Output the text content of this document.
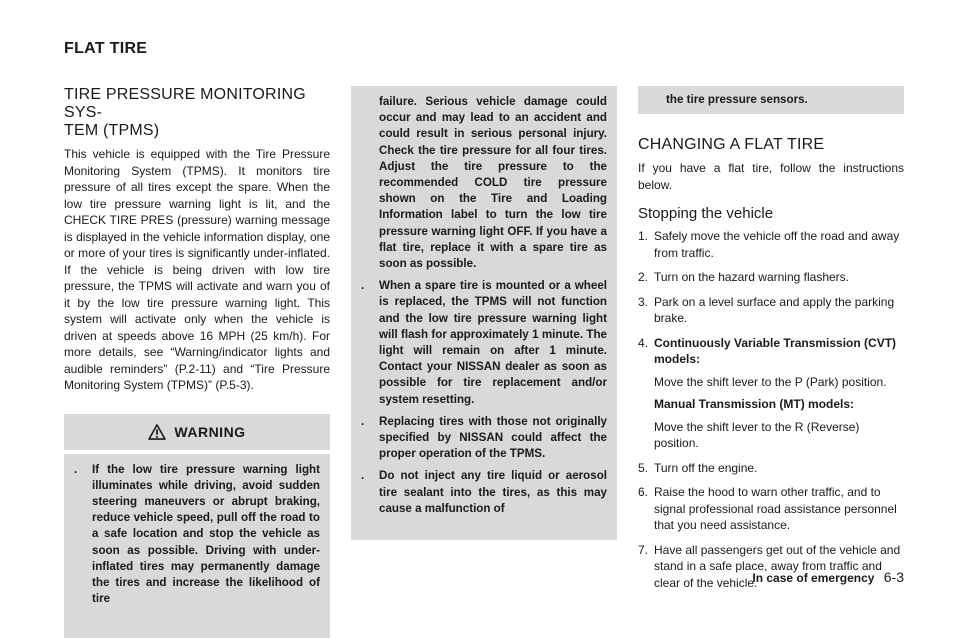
FLAT TIRE
TIRE PRESSURE MONITORING SYS-
TEM (TPMS)

This vehicle is equipped with the Tire Pressure Monitoring System (TPMS). It monitors tire pressure of all tires except the spare. When the low tire pressure warning light is lit, and the CHECK TIRE PRES (pressure) warning message is displayed in the vehicle information display, one or more of your tires is significantly under-inflated. If the vehicle is being driven with low tire pressure, the TPMS will activate and warn you of it by the low tire pressure warning light. This system will activate only when the vehicle is driven at speeds above 16 MPH (25 km/h). For more details, see “Warning/indicator lights and audible reminders” (P.2-11) and “Tire Pressure Monitoring System (TPMS)” (P.5-3).

WARNING
.	If the low tire pressure warning light illuminates while driving, avoid sudden steering maneuvers or abrupt braking, reduce vehicle speed, pull off the road to a safe location and stop the vehicle as soon as possible. Driving with under-inflated tires may permanently damage the tires and increase the likelihood of tire
failure. Serious vehicle damage could occur and may lead to an accident and could result in serious personal injury. Check the tire pressure for all four tires. Adjust the tire pressure to the recommended COLD tire pressure shown on the Tire and Loading Information label to turn the low tire pressure warning light OFF. If you have a flat tire, replace it with a spare tire as soon as possible.
.	When a spare tire is mounted or a wheel is replaced, the TPMS will not function and the low tire pressure warning light will flash for approximately 1 minute. The light will remain on after 1 minute. Contact your NISSAN dealer as soon as possible for tire replacement and/or system resetting.
.	Replacing tires with those not originally specified by NISSAN could affect the proper operation of the TPMS.
.	Do not inject any tire liquid or aerosol tire sealant into the tires, as this may cause a malfunction of
the tire pressure sensors.
CHANGING A FLAT TIRE

If you have a flat tire, follow the instructions below.

Stopping the vehicle
1. Safely move the vehicle off the road and away from traffic.
2. Turn on the hazard warning flashers.
3. Park on a level surface and apply the parking brake.
4. Continuously Variable Transmission (CVT) models:
Move the shift lever to the P (Park) position.
Manual Transmission (MT) models:
Move the shift lever to the R (Reverse) position.
5. Turn off the engine.
6. Raise the hood to warn other traffic, and to signal professional road assistance personnel that you need assistance.
7. Have all passengers get out of the vehicle and stand in a safe place, away from traffic and clear of the vehicle.
In case of emergency 6-3
